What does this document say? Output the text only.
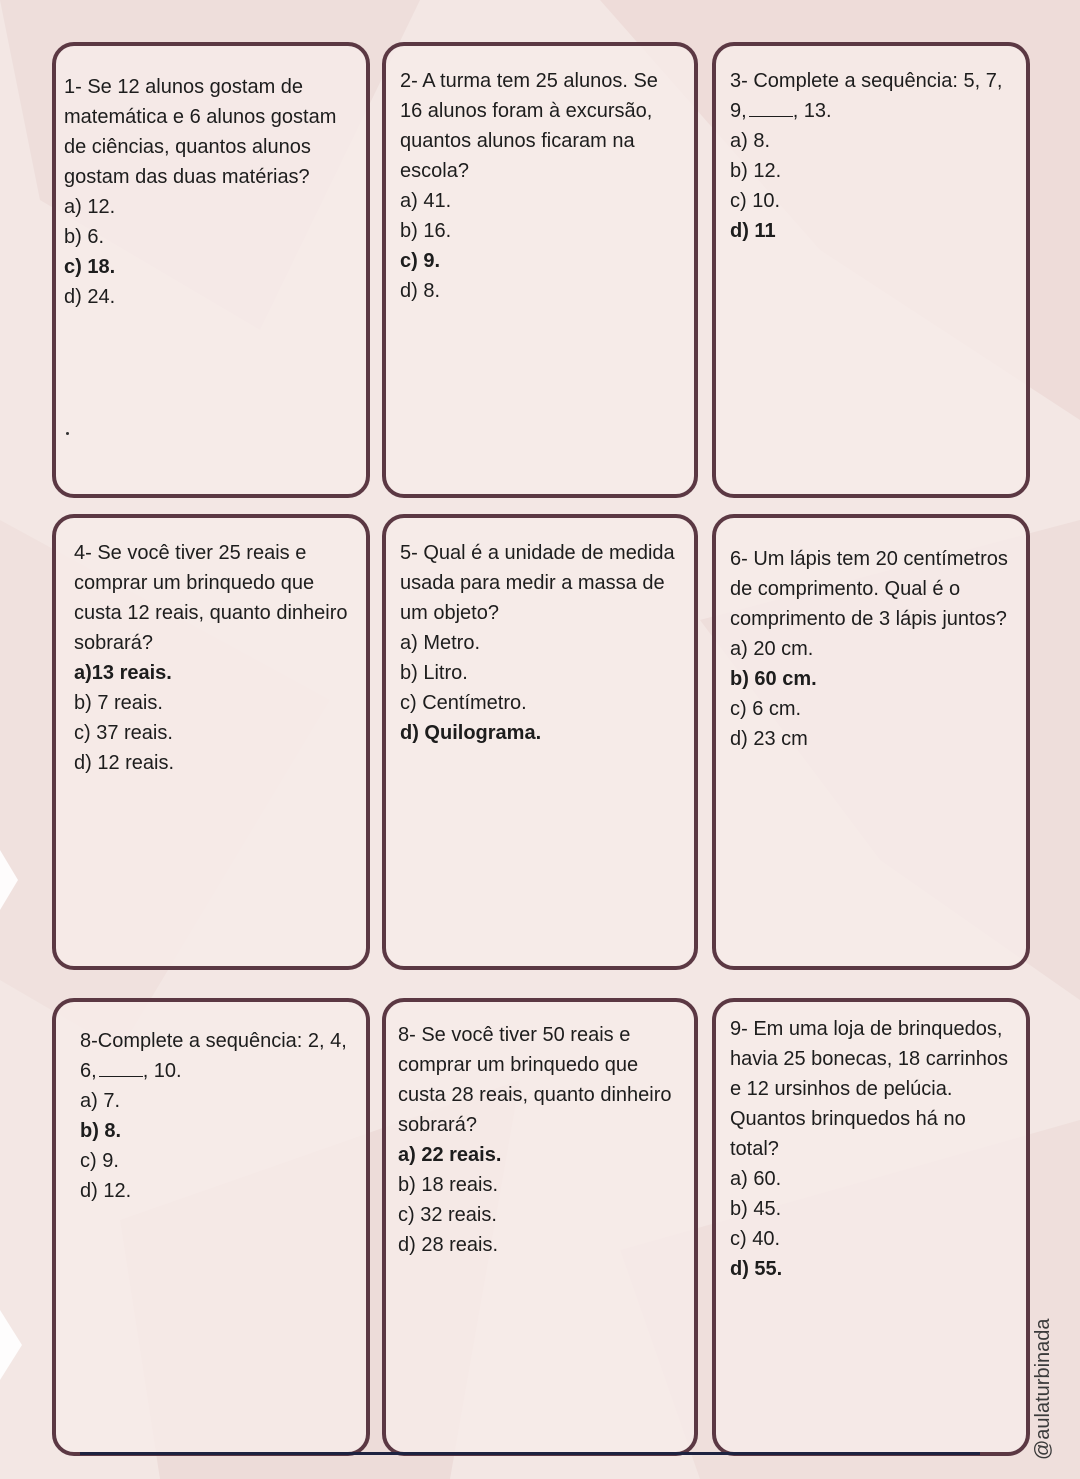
1- Se 12 alunos gostam de matemática e 6 alunos gostam de ciências, quantos alunos gostam das duas matérias?
a) 12.
b) 6.
c) 18.
d) 24.
2- A turma tem 25 alunos. Se 16 alunos foram à excursão, quantos alunos ficaram na escola?
a) 41.
b) 16.
c) 9.
d) 8.
3- Complete a sequência: 5, 7, 9, , 13.
a) 8.
b) 12.
c) 10.
d) 11
4- Se você tiver 25 reais e comprar um brinquedo que custa 12 reais, quanto dinheiro sobrará?
a)13 reais.
b) 7 reais.
c) 37 reais.
d) 12 reais.
5- Qual é a unidade de medida usada para medir a massa de um objeto?
a) Metro.
b) Litro.
c) Centímetro.
d) Quilograma.
6- Um lápis tem 20 centímetros de comprimento. Qual é o comprimento de 3 lápis juntos?
a) 20 cm.
b) 60 cm.
c) 6 cm.
d) 23 cm
8-Complete a sequência: 2, 4, 6, , 10.
a) 7.
b) 8.
c) 9.
d) 12.
8- Se você tiver 50 reais e comprar um brinquedo que custa 28 reais, quanto dinheiro sobrará?
a) 22 reais.
b) 18 reais.
c) 32 reais.
d) 28 reais.
9- Em uma loja de brinquedos, havia 25 bonecas, 18 carrinhos e 12 ursinhos de pelúcia. Quantos brinquedos há no total?
a) 60.
b) 45.
c) 40.
d) 55.
@aulaturbinada
